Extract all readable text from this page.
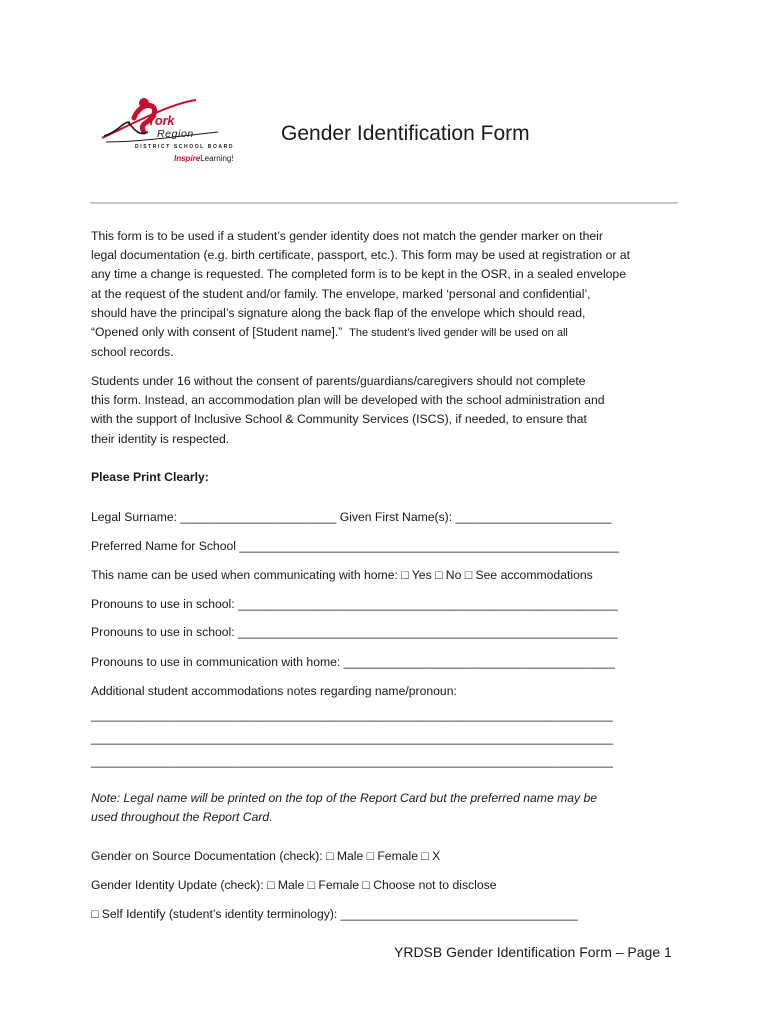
York
Region
DISTRICT SCHOOL BOARD
InspireLearning!
Gender Identification Form
This form is to be used if a student’s gender identity does not match the gender marker on their
legal documentation (e.g. birth certificate, passport, etc.). This form may be used at registration or at
any time a change is requested. The completed form is to be kept in the OSR, in a sealed envelope
at the request of the student and/or family. The envelope, marked ‘personal and confidential’,
should have the principal’s signature along the back flap of the envelope which should read,
“Opened only with consent of [Student name].” The student’s lived gender will be used on all
school records.
Students under 16 without the consent of parents/guardians/caregivers should not complete
this form. Instead, an accommodation plan will be developed with the school administration and
with the support of Inclusive School & Community Services (ISCS), if needed, to ensure that
their identity is respected.

Please Print Clearly:

Legal Surname: _______________________ Given First Name(s): _______________________

Preferred Name for School ________________________________________________________

This name can be used when communicating with home: □ Yes □ No □ See accommodations

Pronouns to use in school: ________________________________________________________

Pronouns to use in school: ________________________________________________________

Pronouns to use in communication with home: ________________________________________

Additional student accommodations notes regarding name/pronoun:

_____________________________________________________________________________
_____________________________________________________________________________
_____________________________________________________________________________
Note: Legal name will be printed on the top of the Report Card but the preferred name may be
used throughout the Report Card.

Gender on Source Documentation (check): □ Male □ Female □ X

Gender Identity Update (check): □ Male □ Female □ Choose not to disclose

□ Self Identify (student’s identity terminology): ___________________________________

YRDSB Gender Identification Form – Page 1
